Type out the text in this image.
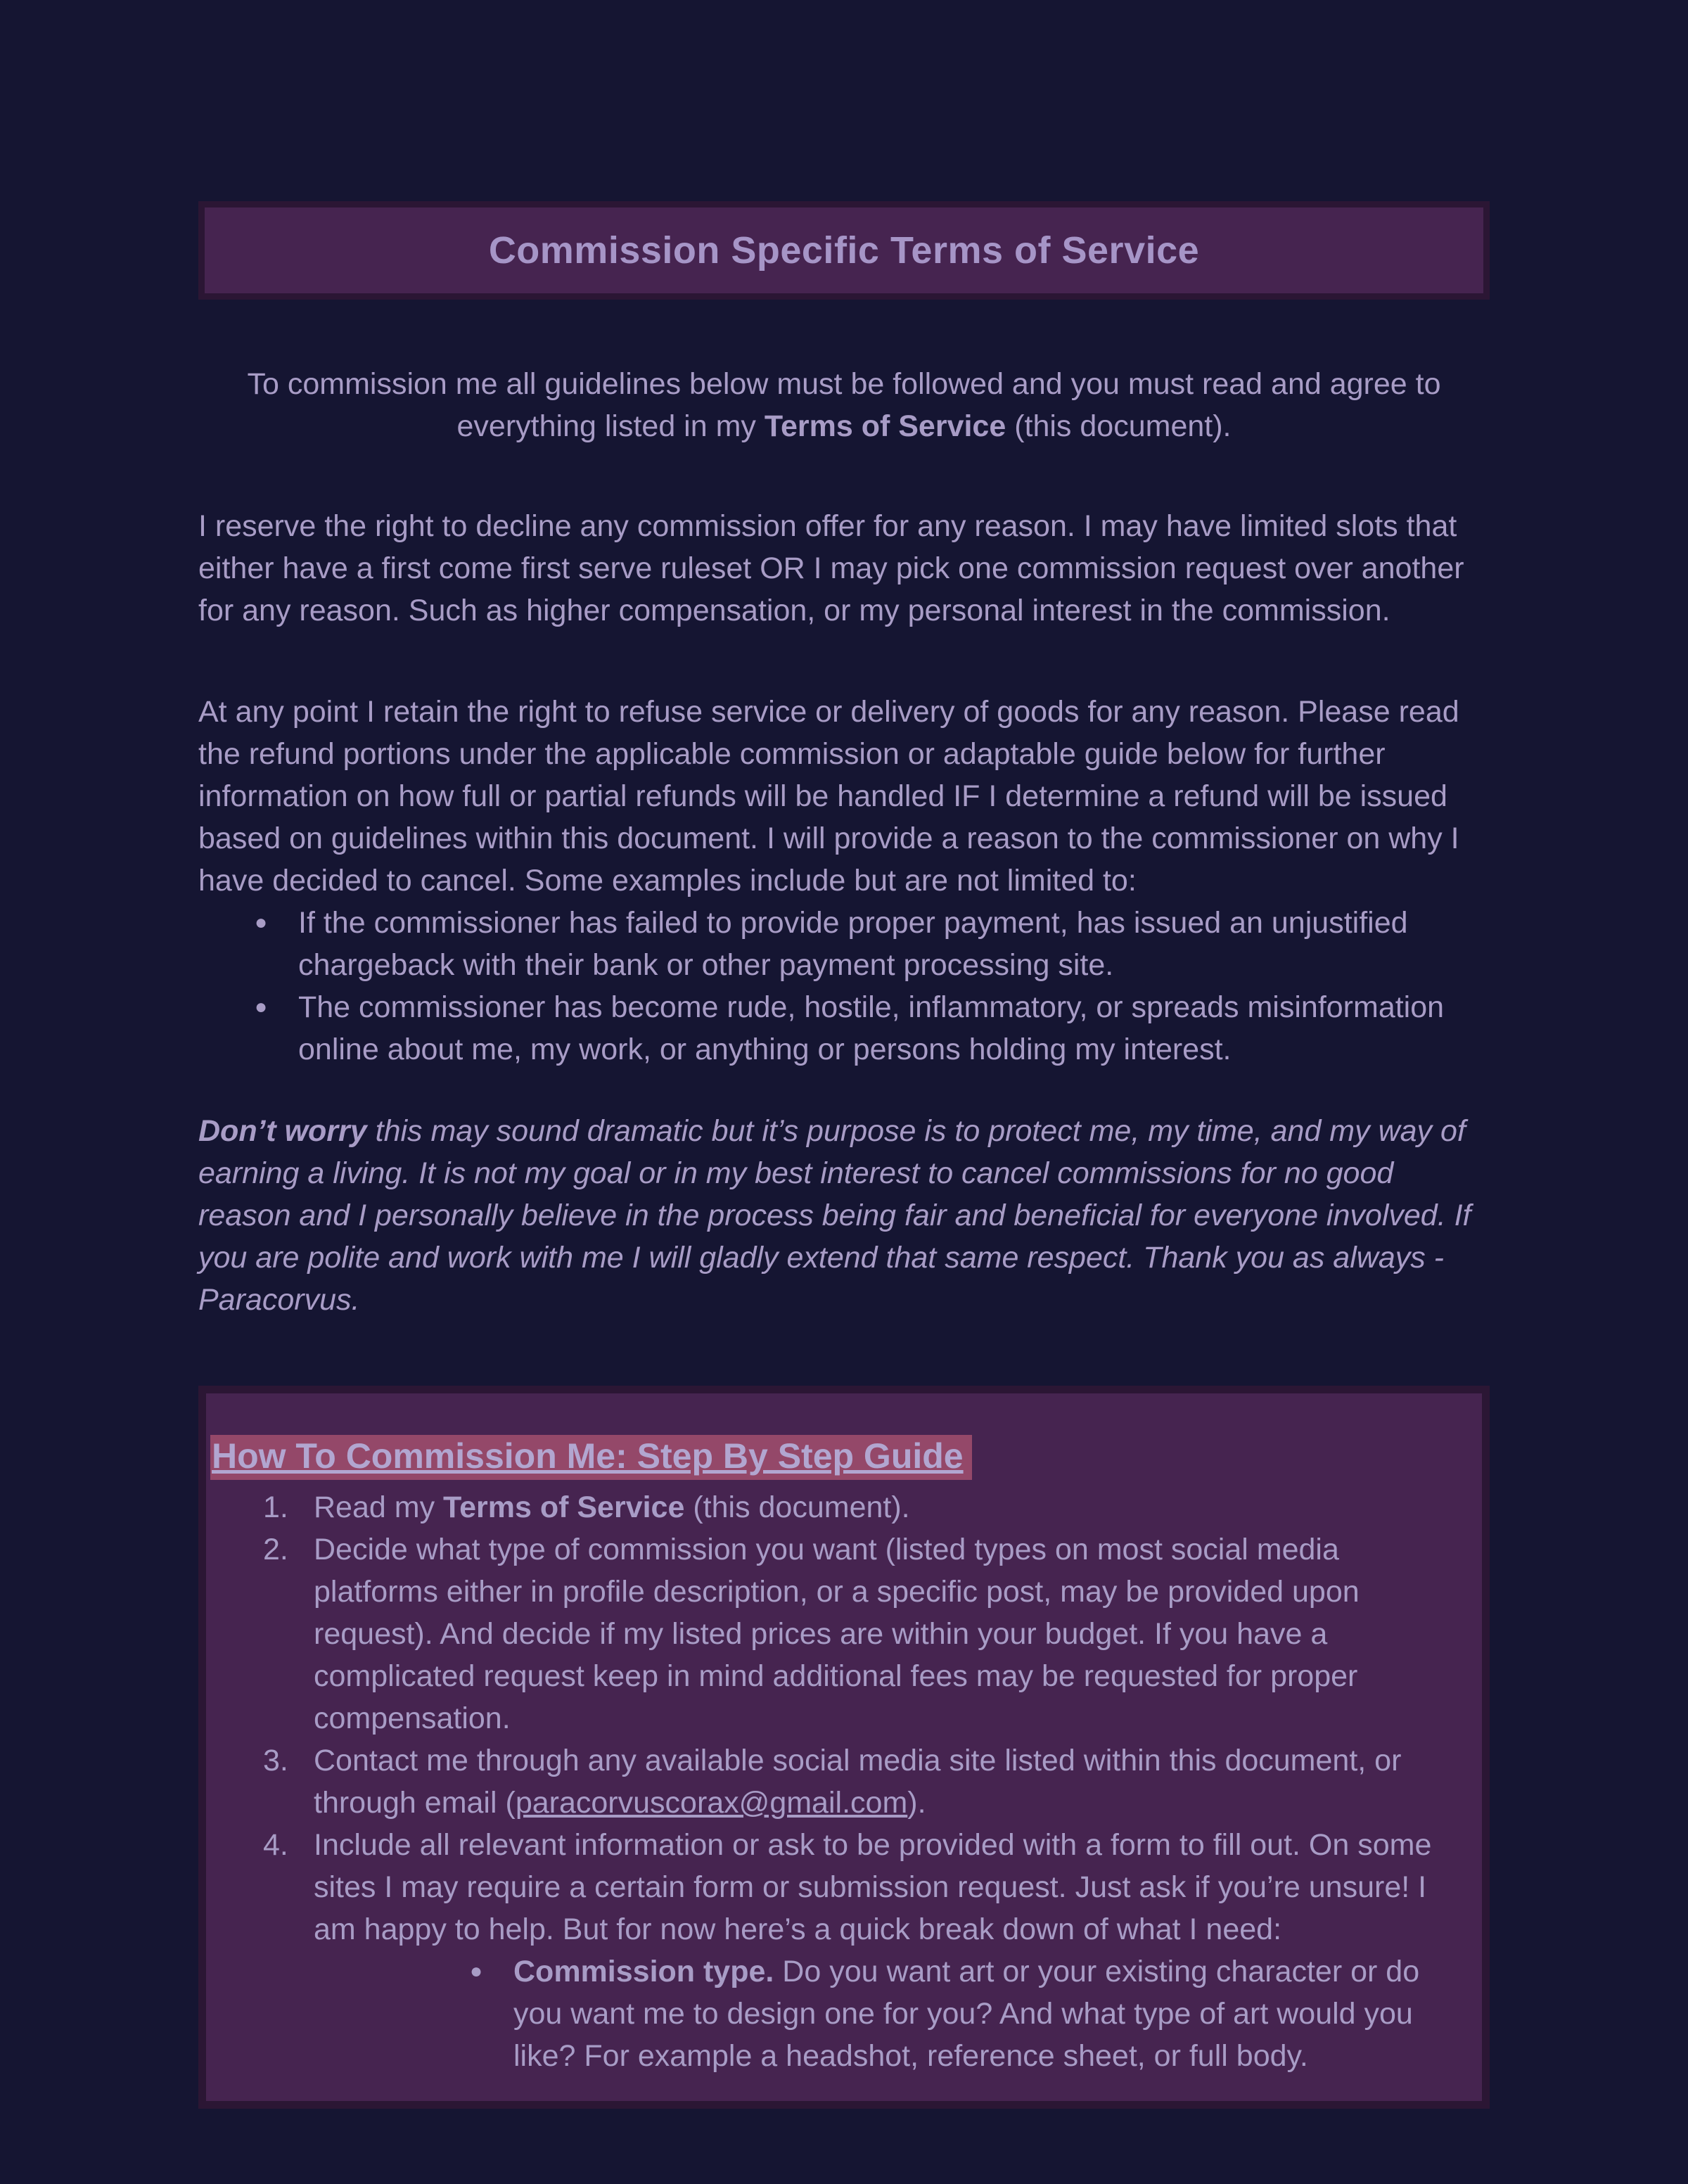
Commission Specific Terms of Service

To commission me all guidelines below must be followed and you must read and agree to everything listed in my Terms of Service (this document).

I reserve the right to decline any commission offer for any reason. I may have limited slots that either have a first come first serve ruleset OR I may pick one commission request over another for any reason. Such as higher compensation, or my personal interest in the commission.

At any point I retain the right to refuse service or delivery of goods for any reason. Please read the refund portions under the applicable commission or adaptable guide below for further information on how full or partial refunds will be handled IF I determine a refund will be issued based on guidelines within this document. I will provide a reason to the commissioner on why I have decided to cancel. Some examples include but are not limited to:

●	If the commissioner has failed to provide proper payment, has issued an unjustified chargeback with their bank or other payment processing site.
●	The commissioner has become rude, hostile, inflammatory, or spreads misinformation online about me, my work, or anything or persons holding my interest.

Don’t worry this may sound dramatic but it’s purpose is to protect me, my time, and my way of earning a living. It is not my goal or in my best interest to cancel commissions for no good reason and I personally believe in the process being fair and beneficial for everyone involved. If you are polite and work with me I will gladly extend that same respect. Thank you as always - Paracorvus.

How To Commission Me: Step By Step Guide
1. Read my Terms of Service (this document).
2. Decide what type of commission you want (listed types on most social media platforms either in profile description, or a specific post, may be provided upon request). And decide if my listed prices are within your budget. If you have a complicated request keep in mind additional fees may be requested for proper compensation.
3. Contact me through any available social media site listed within this document, or through email (paracorvuscorax@gmail.com).
4. Include all relevant information or ask to be provided with a form to fill out. On some sites I may require a certain form or submission request. Just ask if you’re unsure! I am happy to help. But for now here’s a quick break down of what I need:
●	Commission type. Do you want art or your existing character or do you want me to design one for you? And what type of art would you like? For example a headshot, reference sheet, or full body.
